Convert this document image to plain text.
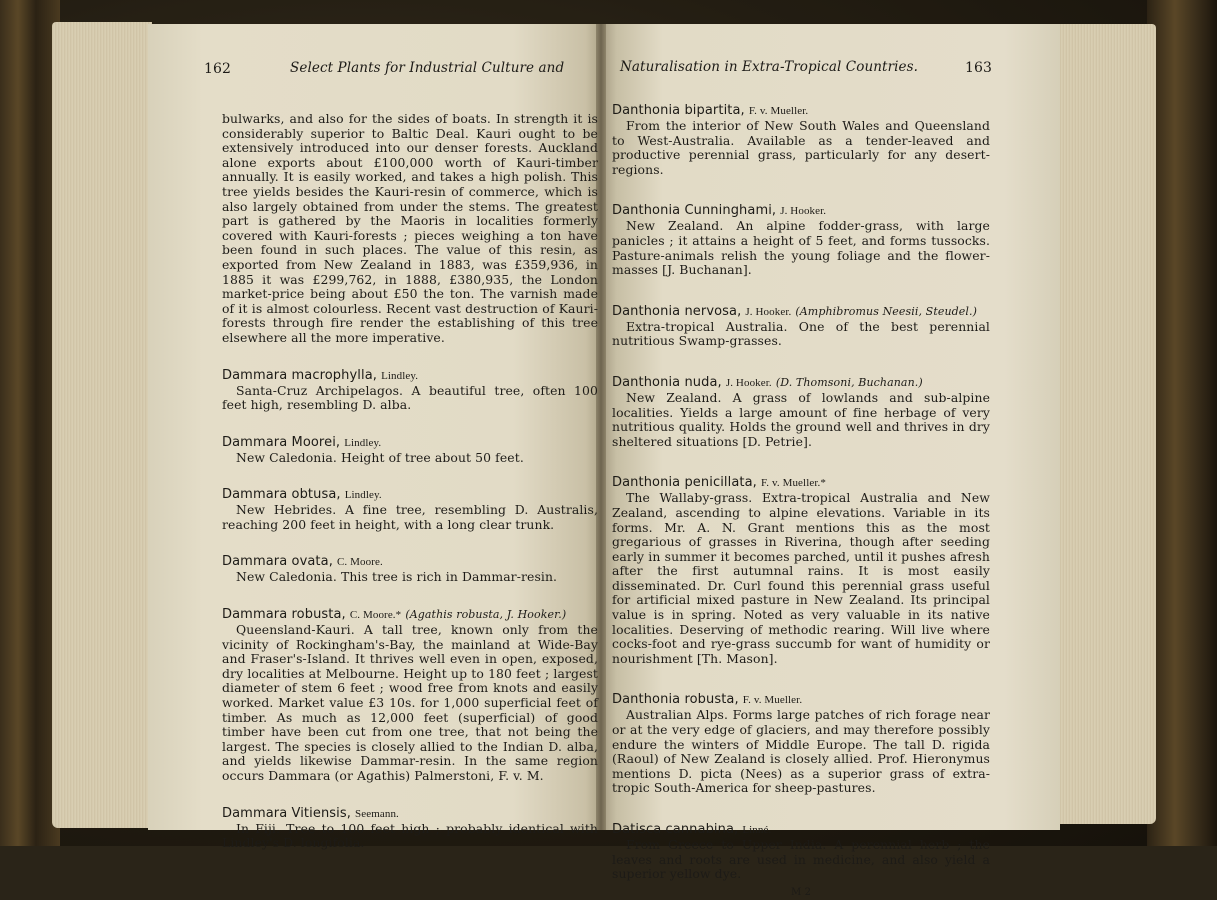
162	Select Plants for Industrial Culture and

bulwarks, and also for the sides of boats. In strength it is considerably superior to Baltic Deal. Kauri ought to be extensively introduced into our denser forests. Auckland alone exports about £100,000 worth of Kauri-timber annually. It is easily worked, and takes a high polish. This tree yields besides the Kauri-resin of commerce, which is also largely obtained from under the stems. The greatest part is gathered by the Maoris in localities formerly covered with Kauri-forests ; pieces weighing a ton have been found in such places. The value of this resin, as exported from New Zealand in 1883, was £359,936, in 1885 it was £299,762, in 1888, £380,935, the London market-price being about £50 the ton. The varnish made of it is almost colourless. Recent vast destruction of Kauri-forests through fire render the establishing of this tree elsewhere all the more imperative.

Dammara macrophylla, Lindley.

Santa-Cruz Archipelagos. A beautiful tree, often 100 feet high, resembling D. alba.

Dammara Moorei, Lindley.

New Caledonia. Height of tree about 50 feet.

Dammara obtusa, Lindley.

New Hebrides. A fine tree, resembling D. Australis, reaching 200 feet in height, with a long clear trunk.

Dammara ovata, C. Moore.

New Caledonia. This tree is rich in Dammar-resin.

Dammara robusta, C. Moore.* (Agathis robusta, J. Hooker.)

Queensland-Kauri. A tall tree, known only from the vicinity of Rockingham's-Bay, the mainland at Wide-Bay and Fraser's-Island. It thrives well even in open, exposed, dry localities at Melbourne. Height up to 180 feet ; largest diameter of stem 6 feet ; wood free from knots and easily worked. Market value £3 10s. for 1,000 superficial feet of timber. As much as 12,000 feet (superficial) of good timber have been cut from one tree, that not being the largest. The species is closely allied to the Indian D. alba, and yields likewise Dammar-resin. In the same region occurs Dammara (or Agathis) Palmerstoni, F. v. M.

Dammara Vitiensis, Seemann.

In Fiji. Tree to 100 feet high ; probably identical with Lindley's D. longifolia.

Naturalisation in Extra-Tropical Countries.	163
Danthonia bipartita, F. v. Mueller.

From the interior of New South Wales and Queensland to West-Australia. Available as a tender-leaved and productive perennial grass, particularly for any desert-regions.

Danthonia Cunninghami, J. Hooker.

New Zealand. An alpine fodder-grass, with large panicles ; it attains a height of 5 feet, and forms tussocks. Pasture-animals relish the young foliage and the flower-masses [J. Buchanan].

Danthonia nervosa, J. Hooker. (Amphibromus Neesii, Steudel.)

Extra-tropical Australia. One of the best perennial nutritious Swamp-grasses.

Danthonia nuda, J. Hooker. (D. Thomsoni, Buchanan.)

New Zealand. A grass of lowlands and sub-alpine localities. Yields a large amount of fine herbage of very nutritious quality. Holds the ground well and thrives in dry sheltered situations [D. Petrie].

Danthonia penicillata, F. v. Mueller.*

The Wallaby-grass. Extra-tropical Australia and New Zealand, ascending to alpine elevations. Variable in its forms. Mr. A. N. Grant mentions this as the most gregarious of grasses in Riverina, though after seeding early in summer it becomes parched, until it pushes afresh after the first autumnal rains. It is most easily disseminated. Dr. Curl found this perennial grass useful for artificial mixed pasture in New Zealand. Its principal value is in spring. Noted as very valuable in its native localities. Deserving of methodic rearing. Will live where cocks-foot and rye-grass succumb for want of humidity or nourishment [Th. Mason].

Danthonia robusta, F. v. Mueller.

Australian Alps. Forms large patches of rich forage near or at the very edge of glaciers, and may therefore possibly endure the winters of Middle Europe. The tall D. rigida (Raoul) of New Zealand is closely allied. Prof. Hieronymus mentions D. picta (Nees) as a superior grass of extra-tropic South-America for sheep-pastures.

Datisca cannabina, Linné.

From Greece to Upper India. A perennial herb ; the leaves and roots are used in medicine, and also yield a superior yellow dye.

M 2
